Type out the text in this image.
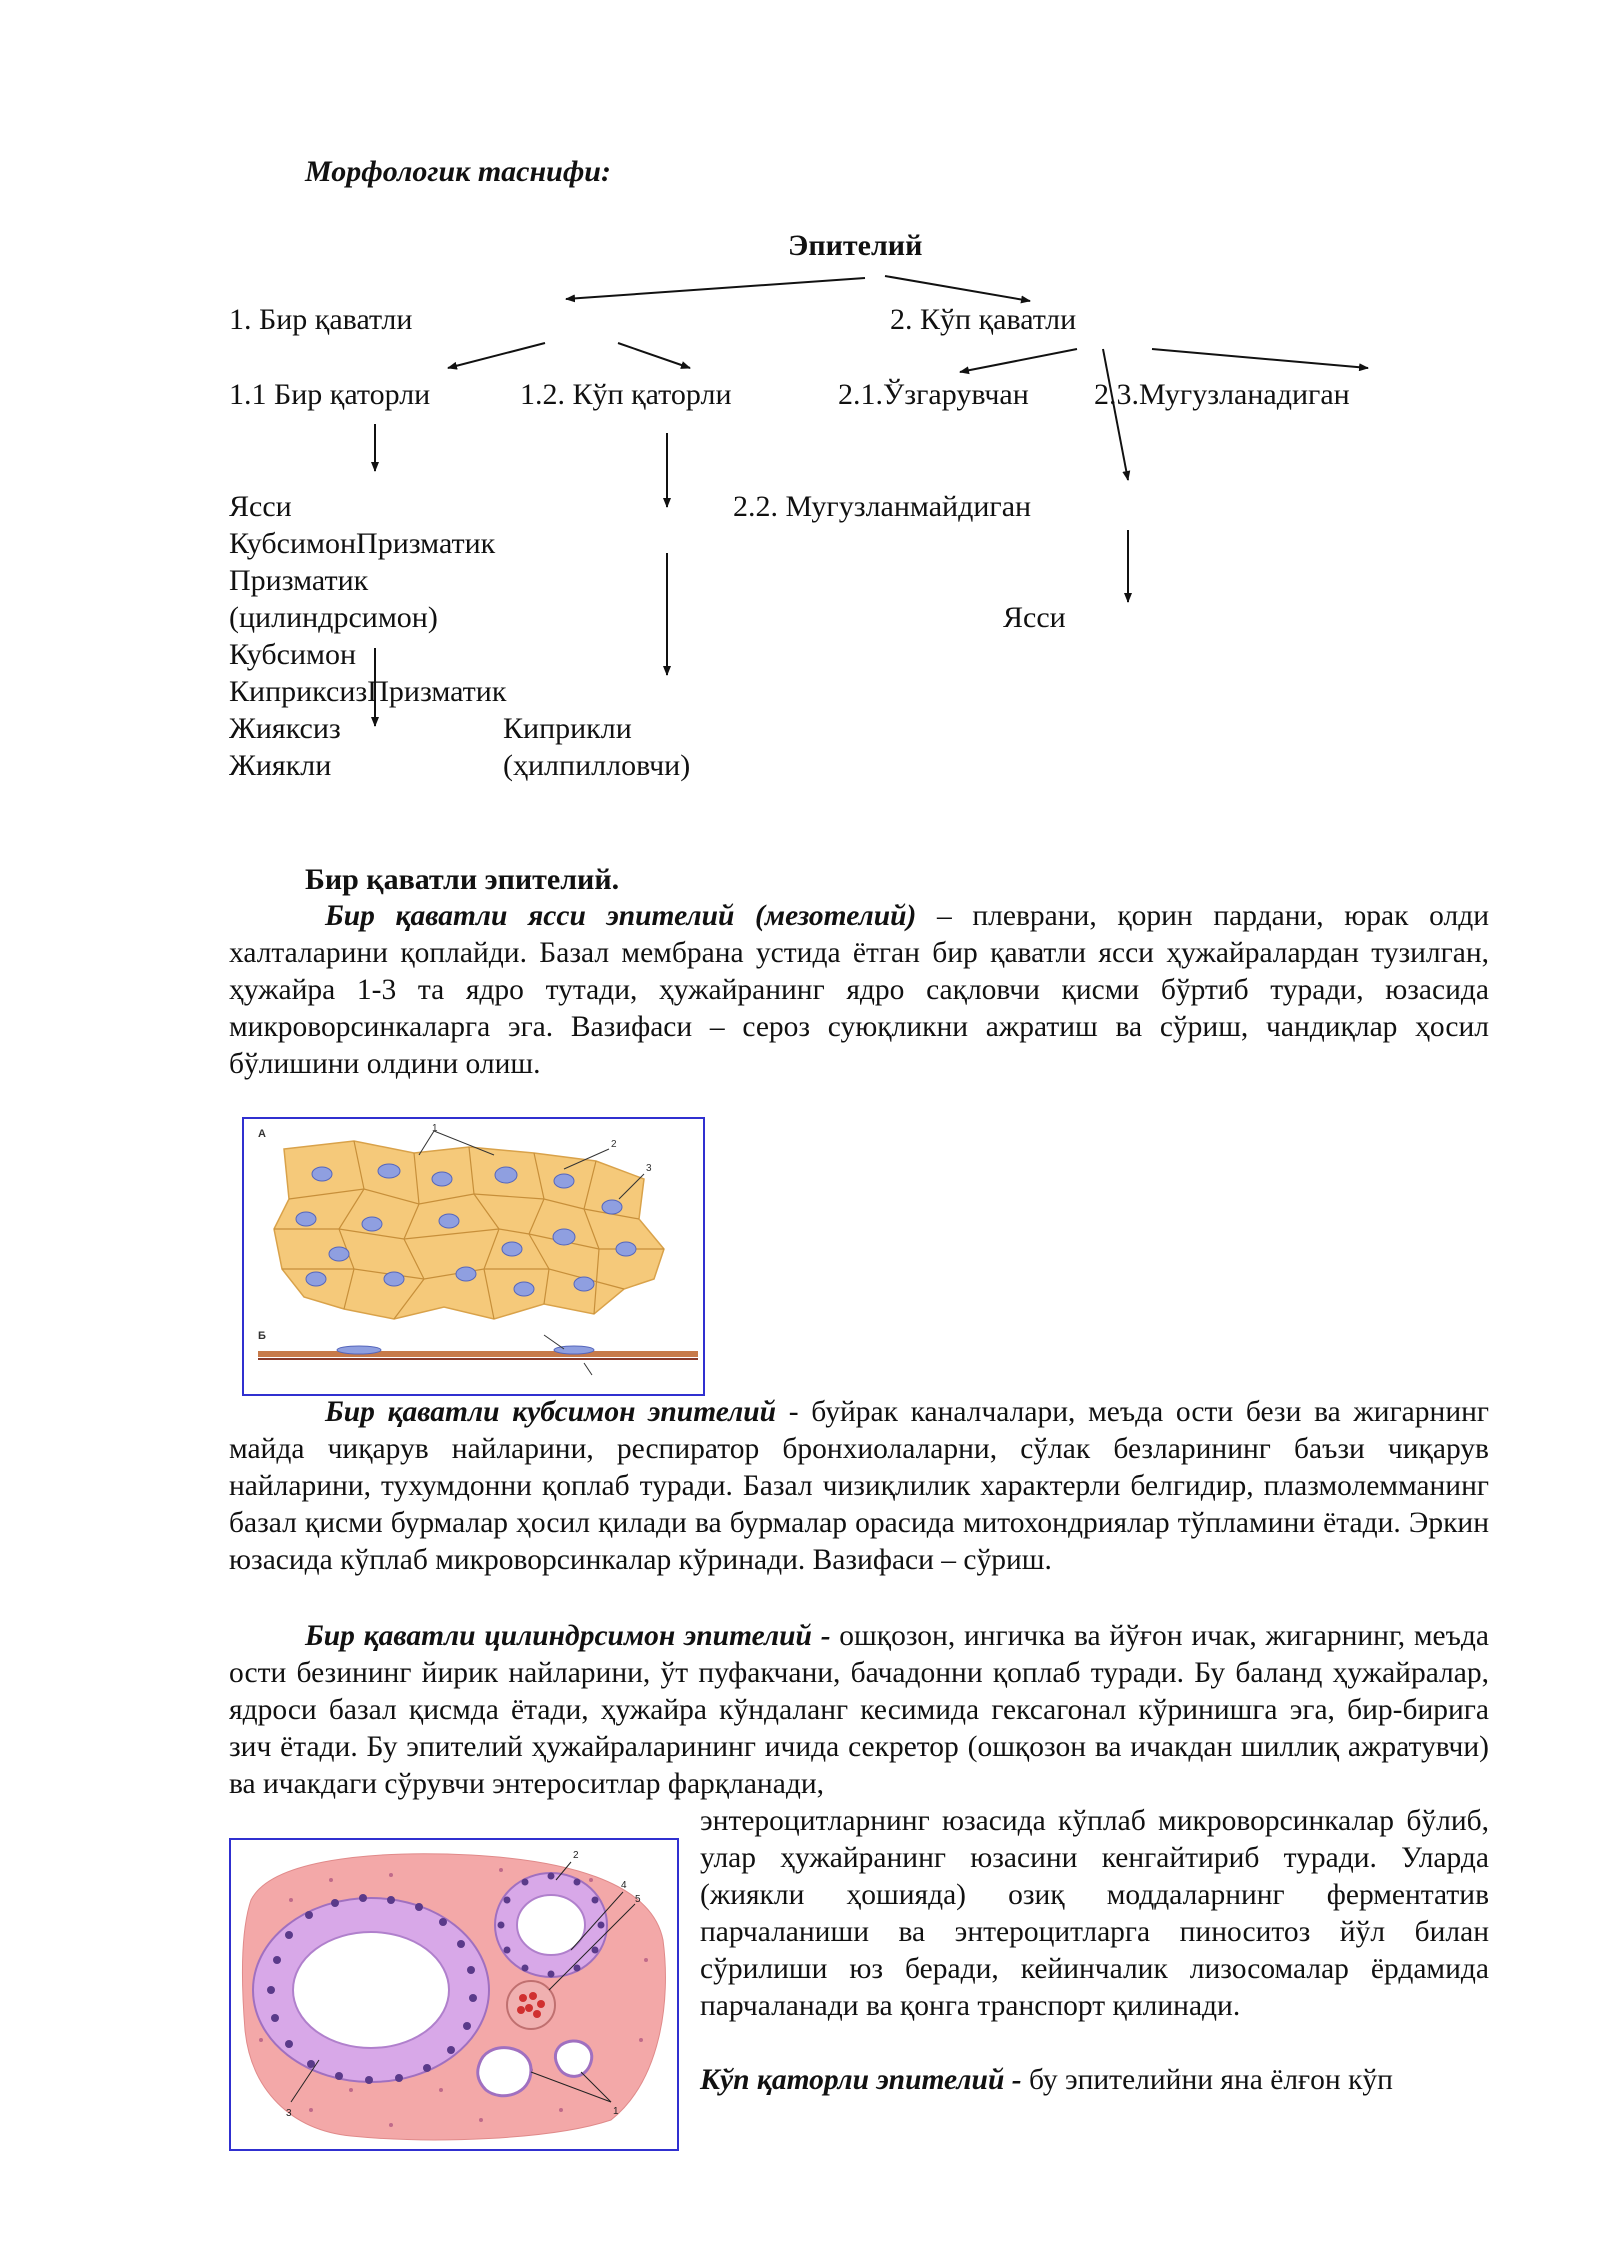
Морфологик таснифи:
Эпителий
1. Бир қаватли	2. Кўп қаватли
1.1 Бир қаторли	1.2. Кўп қаторли	2.1.Ўзгарувчан 2.3.Мугузланадиган
2.2. Мугузланмайдиган
Ясси
КубсимонПризматик
Призматик
(цилиндрсимон)
Кубсимон
КиприксизПризматик
Жияксиз
Жиякли
Киприкли
(ҳилпилловчи)
Ясси
Бир қаватли эпителий.
Бир қаватли ясси эпителий (мезотелий) – плеврани, қорин пардани, юрак олди халталарини қоплайди. Базал мембрана устида ётган бир қаватли ясси ҳужайралардан тузилган, ҳужайра 1-3 та ядро тутади, ҳужайранинг ядро сақловчи қисми бўртиб туради, юзасида микроворсинкаларга эга. Вазифаси – сероз суюқликни ажратиш ва сўриш, чандиқлар ҳосил бўлишини олдини олиш.
А
Б
1
2
3
Бир қаватли кубсимон эпителий - буйрак каналчалари, меъда ости бези ва жигарнинг майда чиқарув найларини, респиратор бронхиолаларни, сўлак безларининг баъзи чиқарув найларини, тухумдонни қоплаб туради. Базал чизиқлилик характерли белгидир, плазмолемманинг базал қисми бурмалар ҳосил қилади ва бурмалар орасида митохондриялар тўпламини ётади. Эркин юзасида кўплаб микроворсинкалар кўринади. Вазифаси – сўриш.
Бир қаватли цилиндрсимон эпителий - ошқозон, ингичка ва йўғон ичак, жигарнинг, меъда ости безининг йирик найларини, ўт пуфакчани, бачадонни қоплаб туради. Бу баланд ҳужайралар, ядроси базал қисмда ётади, ҳужайра кўндаланг кесимида гексагонал кўринишга эга, бир-бирига зич ётади. Бу эпителий ҳужайраларининг ичида секретор (ошқозон ва ичакдан шиллиқ ажратувчи) ва ичакдаги сўрувчи энтероситлар фарқланади,
энтероцитларнинг юзасида кўплаб микроворсинкалар бўлиб, улар ҳужайранинг юзасини кенгайтириб туради. Уларда (жиякли ҳошияда) озиқ моддаларнинг ферментатив парчаланиши ва энтероцитларга пиноситоз йўл билан сўрилиши юз беради, кейинчалик лизосомалар ёрдамида парчаланади ва қонга транспорт қилинади.
2
4
5
1
3
Кўп қаторли эпителий - бу эпителийни яна ёлғон кўп
